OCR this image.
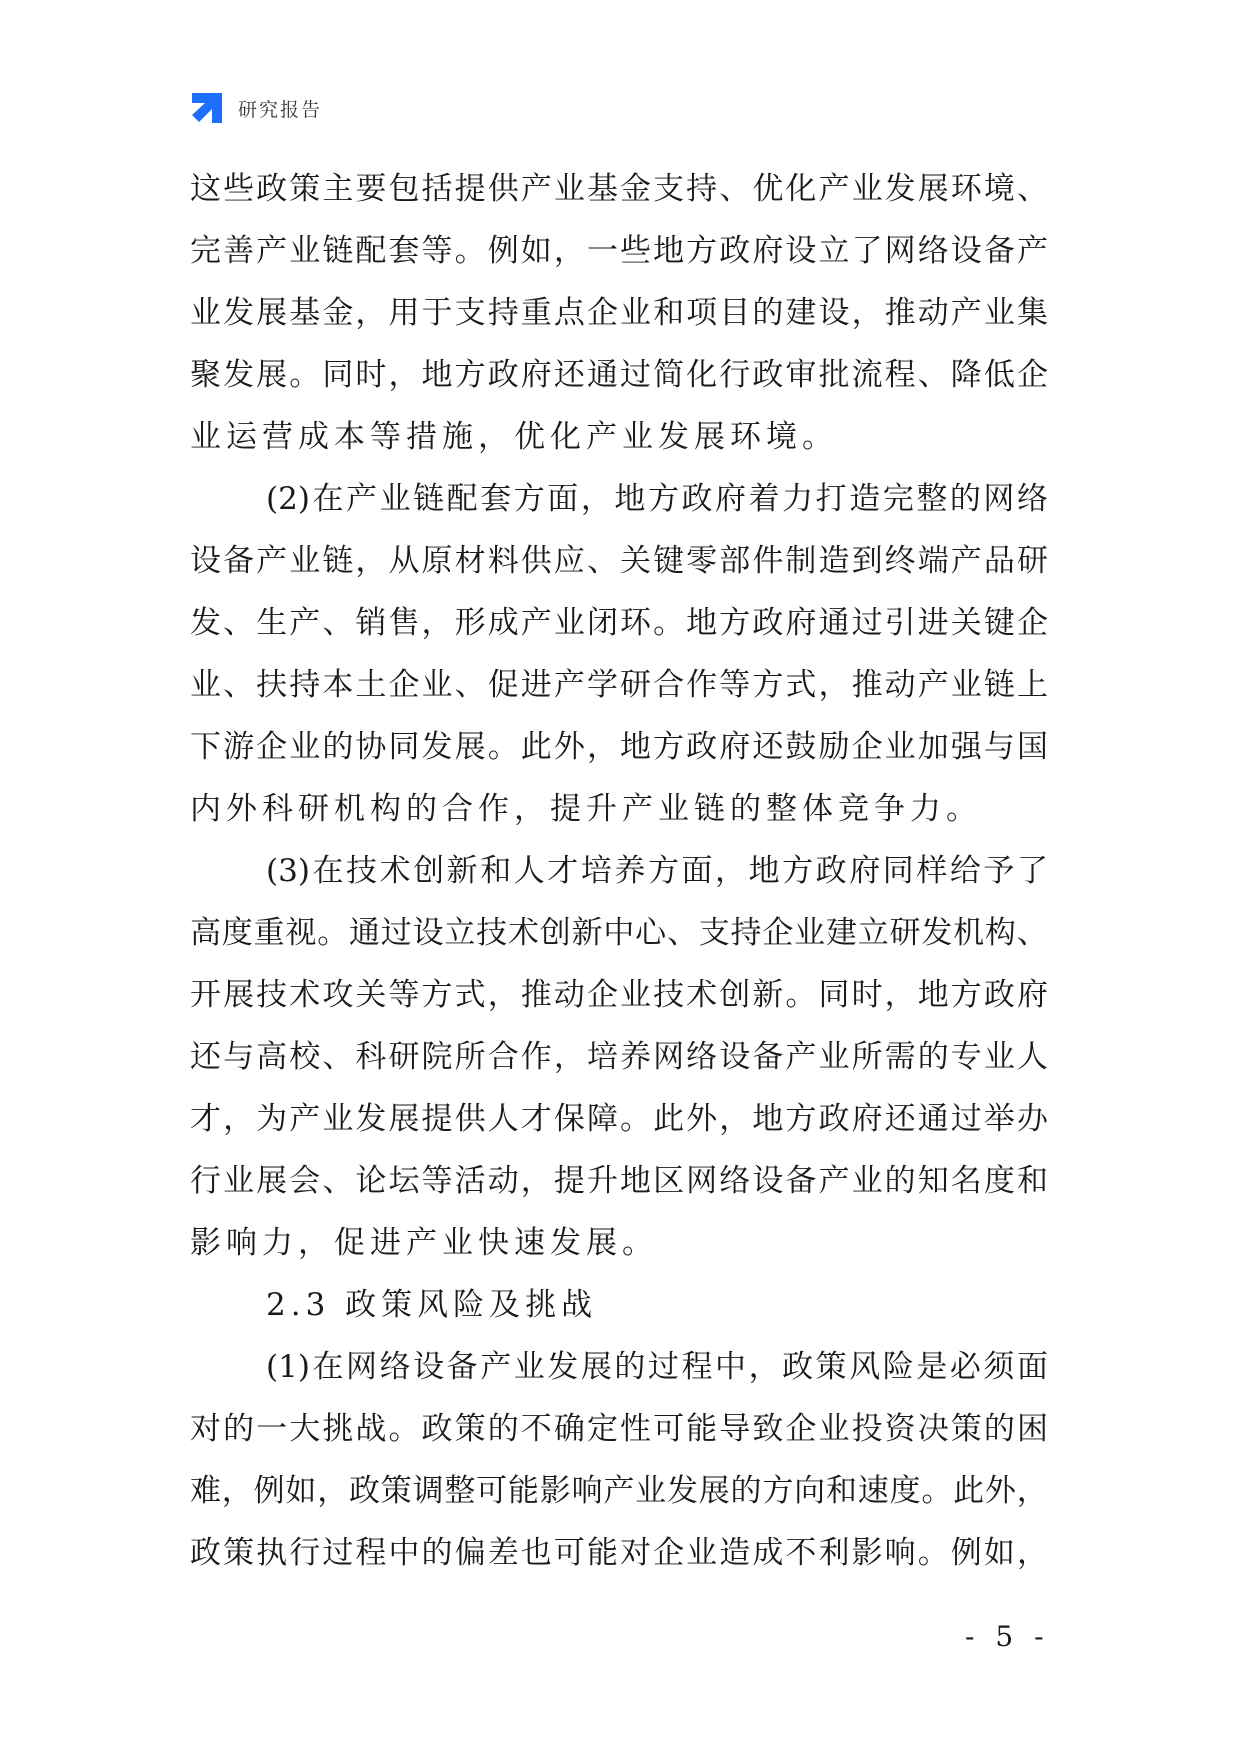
研究报告
这 些 政 策 主 要 包 括 提 供 产 业 基 金 支 持 、 优 化 产 业 发 展 环 境 、
完 善 产 业 链 配 套 等 。 例 如 ， 一 些 地 方 政 府 设 立 了 网 络 设 备 产
业 发 展 基 金 ， 用 于 支 持 重 点 企 业 和 项 目 的 建 设 ， 推 动 产 业 集
聚 发 展 。 同 时 ， 地 方 政 府 还 通 过 简 化 行 政 审 批 流 程 、 降 低 企
业运营成本等措施，优化产业发展环境。
(2) 在 产 业 链 配 套 方 面 ， 地 方 政 府 着 力 打 造 完 整 的 网 络
设 备 产 业 链 ， 从 原 材 料 供 应 、 关 键 零 部 件 制 造 到 终 端 产 品 研
发 、 生 产 、 销 售 ， 形 成 产 业 闭 环 。 地 方 政 府 通 过 引 进 关 键 企
业 、 扶 持 本 土 企 业 、 促 进 产 学 研 合 作 等 方 式 ， 推 动 产 业 链 上
下 游 企 业 的 协 同 发 展 。 此 外 ， 地 方 政 府 还 鼓 励 企 业 加 强 与 国
内外科研机构的合作，提升产业链的整体竞争力。
(3) 在 技 术 创 新 和 人 才 培 养 方 面 ， 地 方 政 府 同 样 给 予 了
高 度 重 视 。 通 过 设 立 技 术 创 新 中 心 、 支 持 企 业 建 立 研 发 机 构 、
开 展 技 术 攻 关 等 方 式 ， 推 动 企 业 技 术 创 新 。 同 时 ， 地 方 政 府
还 与 高 校 、 科 研 院 所 合 作 ， 培 养 网 络 设 备 产 业 所 需 的 专 业 人
才 ， 为 产 业 发 展 提 供 人 才 保 障 。 此 外 ， 地 方 政 府 还 通 过 举 办
行 业 展 会 、 论 坛 等 活 动 ， 提 升 地 区 网 络 设 备 产 业 的 知 名 度 和
影响力，促进产业快速发展。
2.3 政策风险及挑战
(1) 在 网 络 设 备 产 业 发 展 的 过 程 中 ， 政 策 风 险 是 必 须 面
对 的 一 大 挑 战 。 政 策 的 不 确 定 性 可 能 导 致 企 业 投 资 决 策 的 困
难 ， 例 如 ， 政 策 调 整 可 能 影 响 产 业 发 展 的 方 向 和 速 度 。 此 外 ，
政 策 执 行 过 程 中 的 偏 差 也 可 能 对 企 业 造 成 不 利 影 响 。 例 如 ，
- 5 -
